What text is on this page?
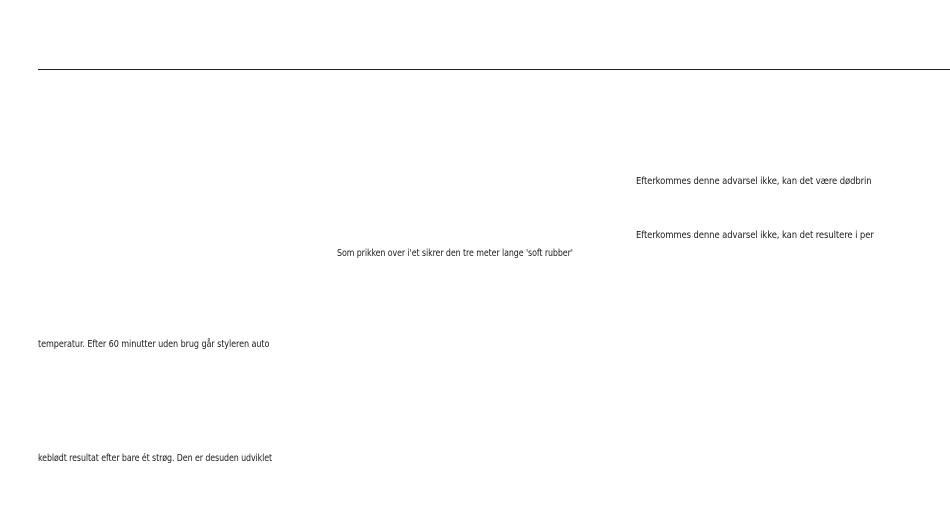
Efterkommes denne advarsel ikke, kan det være dødbrin
Efterkommes denne advarsel ikke, kan det resultere i per
Som prikken over i'et sikrer den tre meter lange 'soft rubber'
temperatur. Efter 60 minutter uden brug går styleren auto
keblødt resultat efter bare ét strøg. Den er desuden udviklet
